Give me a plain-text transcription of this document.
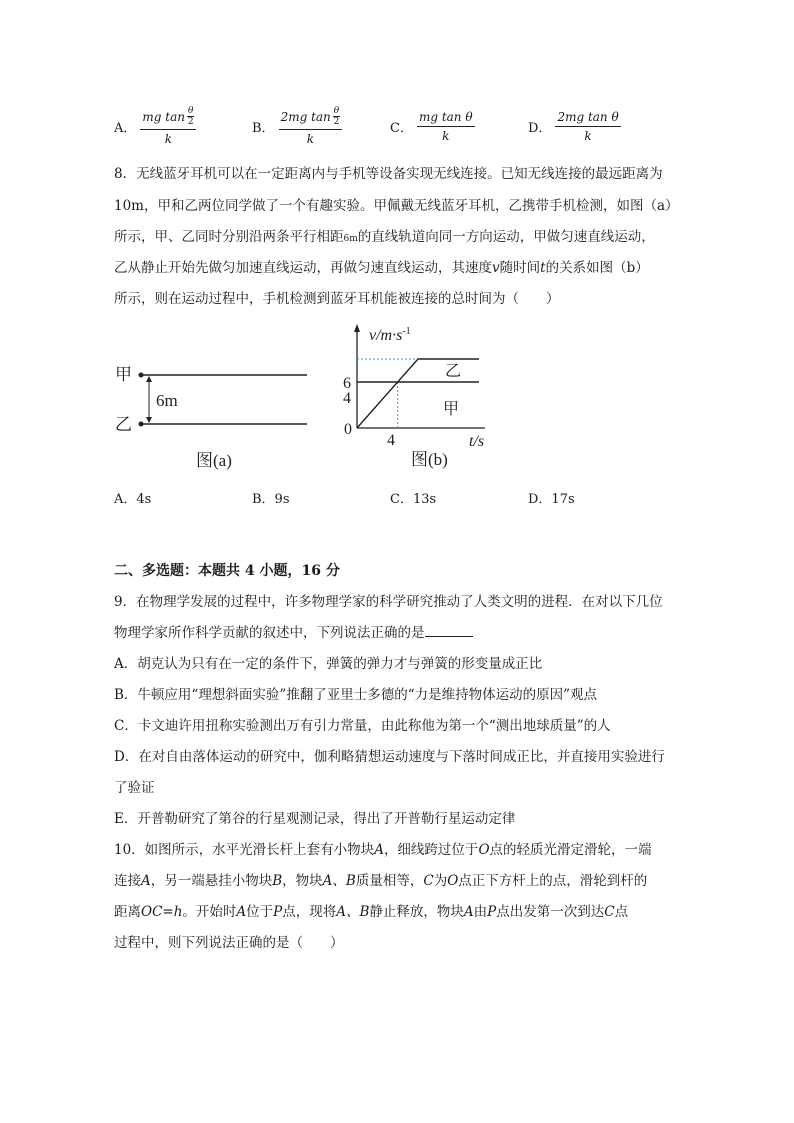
A． $\frac{mg \tan \frac{\theta}{2}}{k}$	B． $\frac{2mg \tan \frac{\theta}{2}}{k}$	C． $\frac{\text{mg tan θ}}{k}$	D． $\frac{\text{2mg tan θ}}{k}$
8．无线蓝牙耳机可以在一定距离内与手机等设备实现无线连接。已知无线连接的最远距离为
10m，甲和乙两位同学做了一个有趣实验。甲佩戴无线蓝牙耳机，乙携带手机检测，如图（a）
所示，甲、乙同时分别沿两条平行相距6m的直线轨道向同一方向运动，甲做匀速直线运动，
乙从静止开始先做匀加速直线运动，再做匀速直线运动，其速度v随时间t的关系如图（b）
所示，则在运动过程中，手机检测到蓝牙耳机能被连接的总时间为（　　）
甲
乙
6m
图(a)
$v/m\cdot s^{-1}$
t/s
6
4
0
4
乙
甲
图(b)
A．4s	B．9s	C．13s	D．17s
二、多选题：本题共 4 小题，16 分
9．在物理学发展的过程中，许多物理学家的科学研究推动了人类文明的进程．在对以下几位
物理学家所作科学贡献的叙述中，下列说法正确的是
A．胡克认为只有在一定的条件下，弹簧的弹力才与弹簧的形变量成正比
B．牛顿应用“理想斜面实验”推翻了亚里士多德的“力是维持物体运动的原因”观点
C．卡文迪许用扭称实验测出万有引力常量，由此称他为第一个“测出地球质量”的人
D．在对自由落体运动的研究中，伽利略猜想运动速度与下落时间成正比，并直接用实验进行
了验证
E．开普勒研究了第谷的行星观测记录，得出了开普勒行星运动定律
10．如图所示，水平光滑长杆上套有小物块A，细线跨过位于O点的轻质光滑定滑轮，一端
连接A，另一端悬挂小物块B，物块A、B质量相等，C为O点正下方杆上的点，滑轮到杆的
距离OC=h。开始时A位于P点，现将A、B静止释放，物块A由P点出发第一次到达C点
过程中，则下列说法正确的是（　　）
